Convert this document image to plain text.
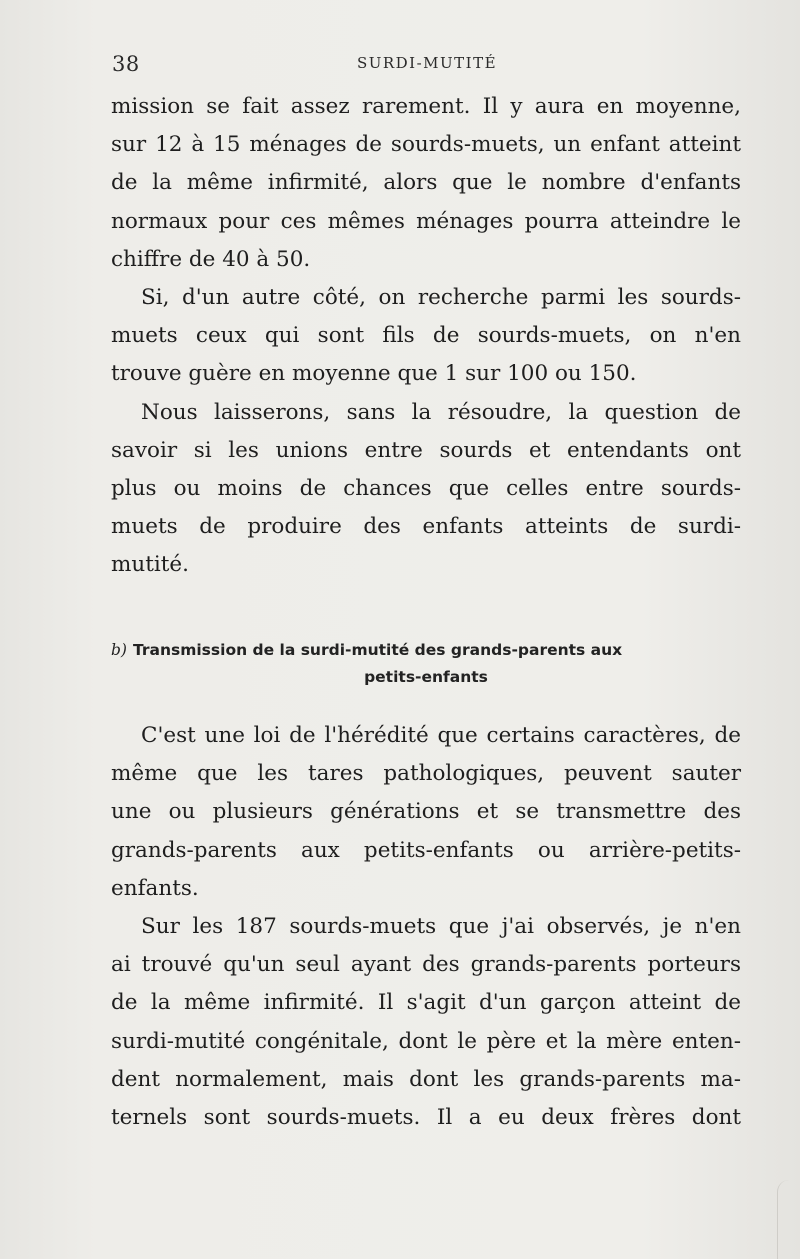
38	SURDI-MUTITÉ
mission se fait assez rarement. Il y aura en moyenne,
sur 12 à 15 ménages de sourds-muets, un enfant atteint
de la même infirmité, alors que le nombre d'enfants
normaux pour ces mêmes ménages pourra atteindre le
chiffre de 40 à 50.
Si, d'un autre côté, on recherche parmi les sourds-
muets ceux qui sont fils de sourds-muets, on n'en
trouve guère en moyenne que 1 sur 100 ou 150.
Nous laisserons, sans la résoudre, la question de
savoir si les unions entre sourds et entendants ont
plus ou moins de chances que celles entre sourds-
muets de produire des enfants atteints de surdi-
mutité.
b) Transmission de la surdi-mutité des grands-parents aux
petits-enfants
C'est une loi de l'hérédité que certains caractères, de
même que les tares pathologiques, peuvent sauter
une ou plusieurs générations et se transmettre des
grands-parents aux petits-enfants ou arrière-petits-
enfants.
Sur les 187 sourds-muets que j'ai observés, je n'en
ai trouvé qu'un seul ayant des grands-parents porteurs
de la même infirmité. Il s'agit d'un garçon atteint de
surdi-mutité congénitale, dont le père et la mère enten-
dent normalement, mais dont les grands-parents ma-
ternels sont sourds-muets. Il a eu deux frères dont
